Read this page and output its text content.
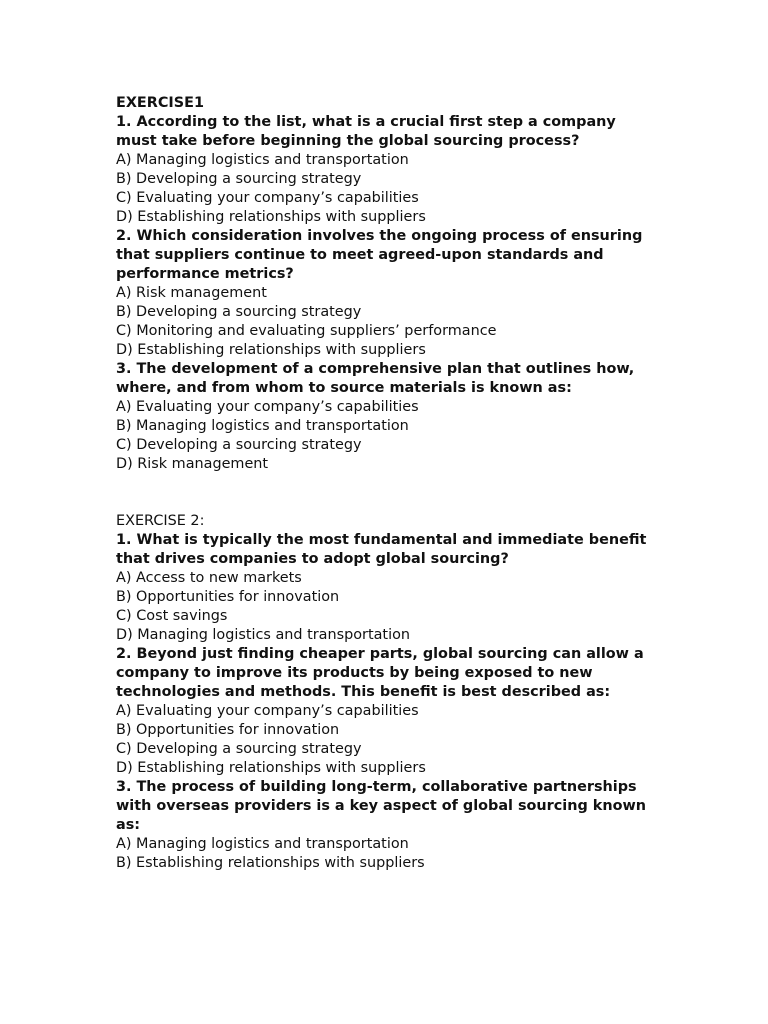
EXERCISE1
1. According to the list, what is a crucial first step a company must take before beginning the global sourcing process?
A) Managing logistics and transportation
B) Developing a sourcing strategy
C) Evaluating your company’s capabilities
D) Establishing relationships with suppliers
2. Which consideration involves the ongoing process of ensuring that suppliers continue to meet agreed-upon standards and performance metrics?
A) Risk management
B) Developing a sourcing strategy
C) Monitoring and evaluating suppliers’ performance
D) Establishing relationships with suppliers
3. The development of a comprehensive plan that outlines how, where, and from whom to source materials is known as:
A) Evaluating your company’s capabilities
B) Managing logistics and transportation
C) Developing a sourcing strategy
D) Risk management
EXERCISE 2:
1. What is typically the most fundamental and immediate benefit that drives companies to adopt global sourcing?
A) Access to new markets
B) Opportunities for innovation
C) Cost savings
D) Managing logistics and transportation
2. Beyond just finding cheaper parts, global sourcing can allow a company to improve its products by being exposed to new technologies and methods. This benefit is best described as:
A) Evaluating your company’s capabilities
B) Opportunities for innovation
C) Developing a sourcing strategy
D) Establishing relationships with suppliers
3. The process of building long-term, collaborative partnerships with overseas providers is a key aspect of global sourcing known as:
A) Managing logistics and transportation
B) Establishing relationships with suppliers
